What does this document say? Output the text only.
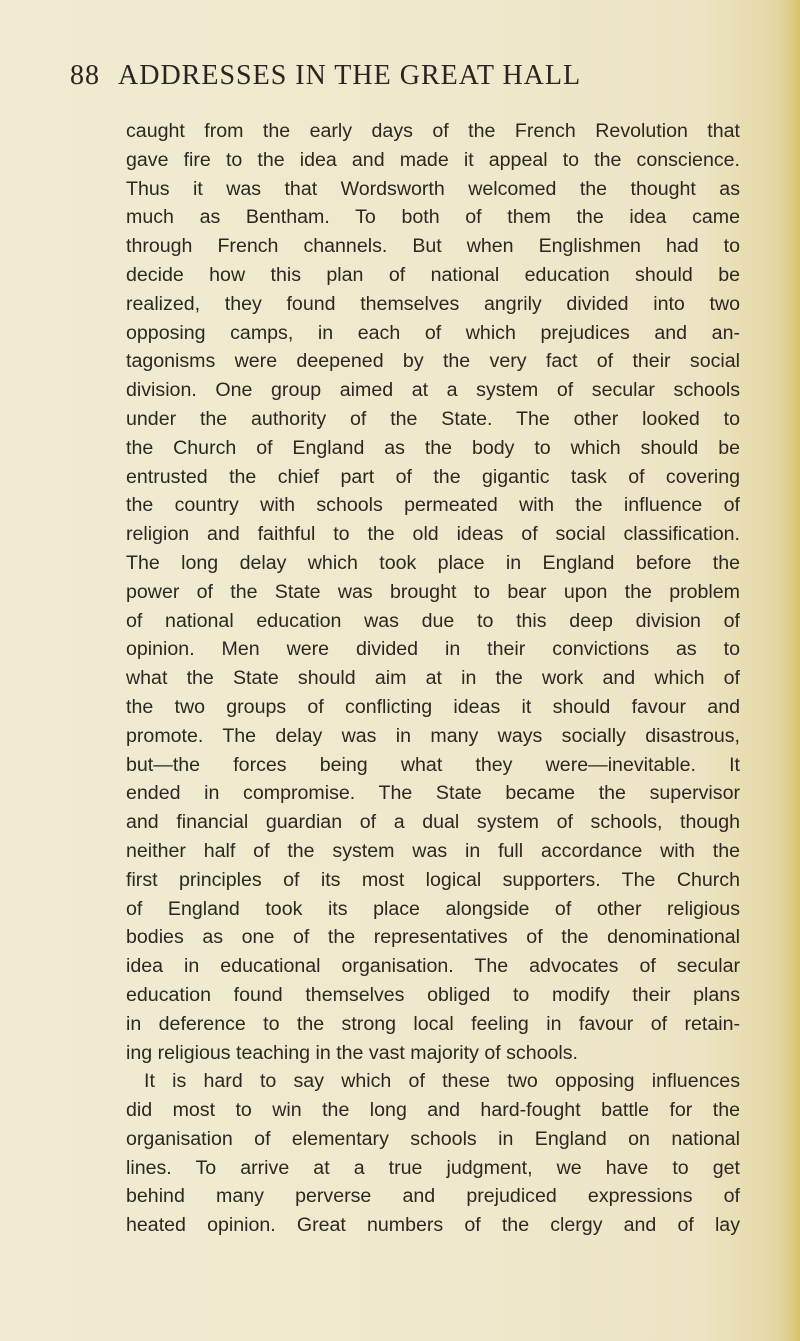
88 ADDRESSES IN THE GREAT HALL
caught from the early days of the French Revolution that
gave fire to the idea and made it appeal to the conscience.
Thus it was that Wordsworth welcomed the thought as
much as Bentham. To both of them the idea came
through French channels. But when Englishmen had to
decide how this plan of national education should be
realized, they found themselves angrily divided into two
opposing camps, in each of which prejudices and an-
tagonisms were deepened by the very fact of their social
division. One group aimed at a system of secular schools
under the authority of the State. The other looked to
the Church of England as the body to which should be
entrusted the chief part of the gigantic task of covering
the country with schools permeated with the influence of
religion and faithful to the old ideas of social classification.
The long delay which took place in England before the
power of the State was brought to bear upon the problem
of national education was due to this deep division of
opinion. Men were divided in their convictions as to
what the State should aim at in the work and which of
the two groups of conflicting ideas it should favour and
promote. The delay was in many ways socially disastrous,
but—the forces being what they were—inevitable. It
ended in compromise. The State became the supervisor
and financial guardian of a dual system of schools, though
neither half of the system was in full accordance with the
first principles of its most logical supporters. The Church
of England took its place alongside of other religious
bodies as one of the representatives of the denominational
idea in educational organisation. The advocates of secular
education found themselves obliged to modify their plans
in deference to the strong local feeling in favour of retain-
ing religious teaching in the vast majority of schools.
It is hard to say which of these two opposing influences
did most to win the long and hard-fought battle for the
organisation of elementary schools in England on national
lines. To arrive at a true judgment, we have to get
behind many perverse and prejudiced expressions of
heated opinion. Great numbers of the clergy and of lay
